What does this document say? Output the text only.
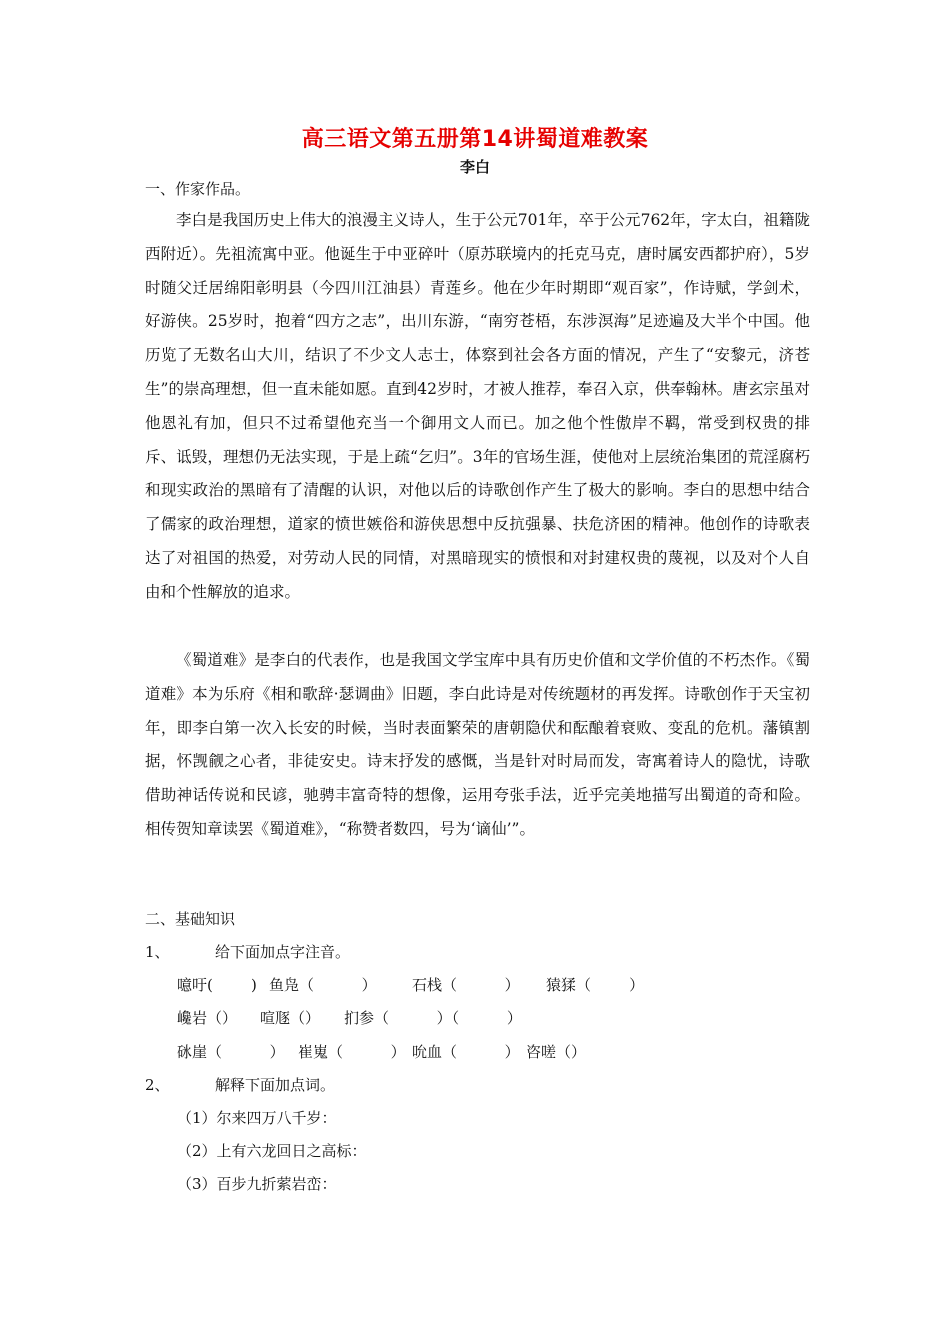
高三语文第五册第14讲蜀道难教案
李白
一、作家作品。

李白是我国历史上伟大的浪漫主义诗人，生于公元701年，卒于公元762年，字太白，祖籍陇西附近）。先祖流寓中亚。他诞生于中亚碎叶（原苏联境内的托克马克，唐时属安西都护府），5岁时随父迁居绵阳彰明县（今四川江油县）青莲乡。他在少年时期即“观百家”，作诗赋，学剑术，好游侠。25岁时，抱着“四方之志”，出川东游，“南穷苍梧，东涉溟海”足迹遍及大半个中国。他历览了无数名山大川，结识了不少文人志士，体察到社会各方面的情况，产生了“安黎元，济苍生”的崇高理想，但一直未能如愿。直到42岁时，才被人推荐，奉召入京，供奉翰林。唐玄宗虽对他恩礼有加，但只不过希望他充当一个御用文人而已。加之他个性傲岸不羁，常受到权贵的排斥、诋毁，理想仍无法实现，于是上疏“乞归”。3年的官场生涯，使他对上层统治集团的荒淫腐朽和现实政治的黑暗有了清醒的认识，对他以后的诗歌创作产生了极大的影响。李白的思想中结合了儒家的政治理想，道家的愤世嫉俗和游侠思想中反抗强暴、扶危济困的精神。他创作的诗歌表达了对祖国的热爱，对劳动人民的同情，对黑暗现实的愤恨和对封建权贵的蔑视，以及对个人自由和个性解放的追求。

《蜀道难》是李白的代表作，也是我国文学宝库中具有历史价值和文学价值的不朽杰作。《蜀道难》本为乐府《相和歌辞·瑟调曲》旧题，李白此诗是对传统题材的再发挥。诗歌创作于天宝初年，即李白第一次入长安的时候，当时表面繁荣的唐朝隐伏和酝酿着衰败、变乱的危机。藩镇割据，怀觊觎之心者，非徒安史。诗末抒发的感慨，当是针对时局而发，寄寓着诗人的隐忧，诗歌借助神话传说和民谚，驰骋丰富奇特的想像，运用夸张手法，近乎完美地描写出蜀道的奇和险。相传贺知章读罢《蜀道难》，“称赞者数四，号为‘谪仙’”。

二、基础知识
1、	给下面加点字注音。
噫吁(        ) 鱼凫（          ） 石栈（          ） 猿猱（        ）
巉岩（） 喧豗（） 扪参（          ）（          ）
砯崖（          ） 崔嵬（          ） 吮血（          ） 咨嗟（）
2、	解释下面加点词。
（1）尔来四万八千岁：
（2）上有六龙回日之高标：
（3）百步九折萦岩峦：
